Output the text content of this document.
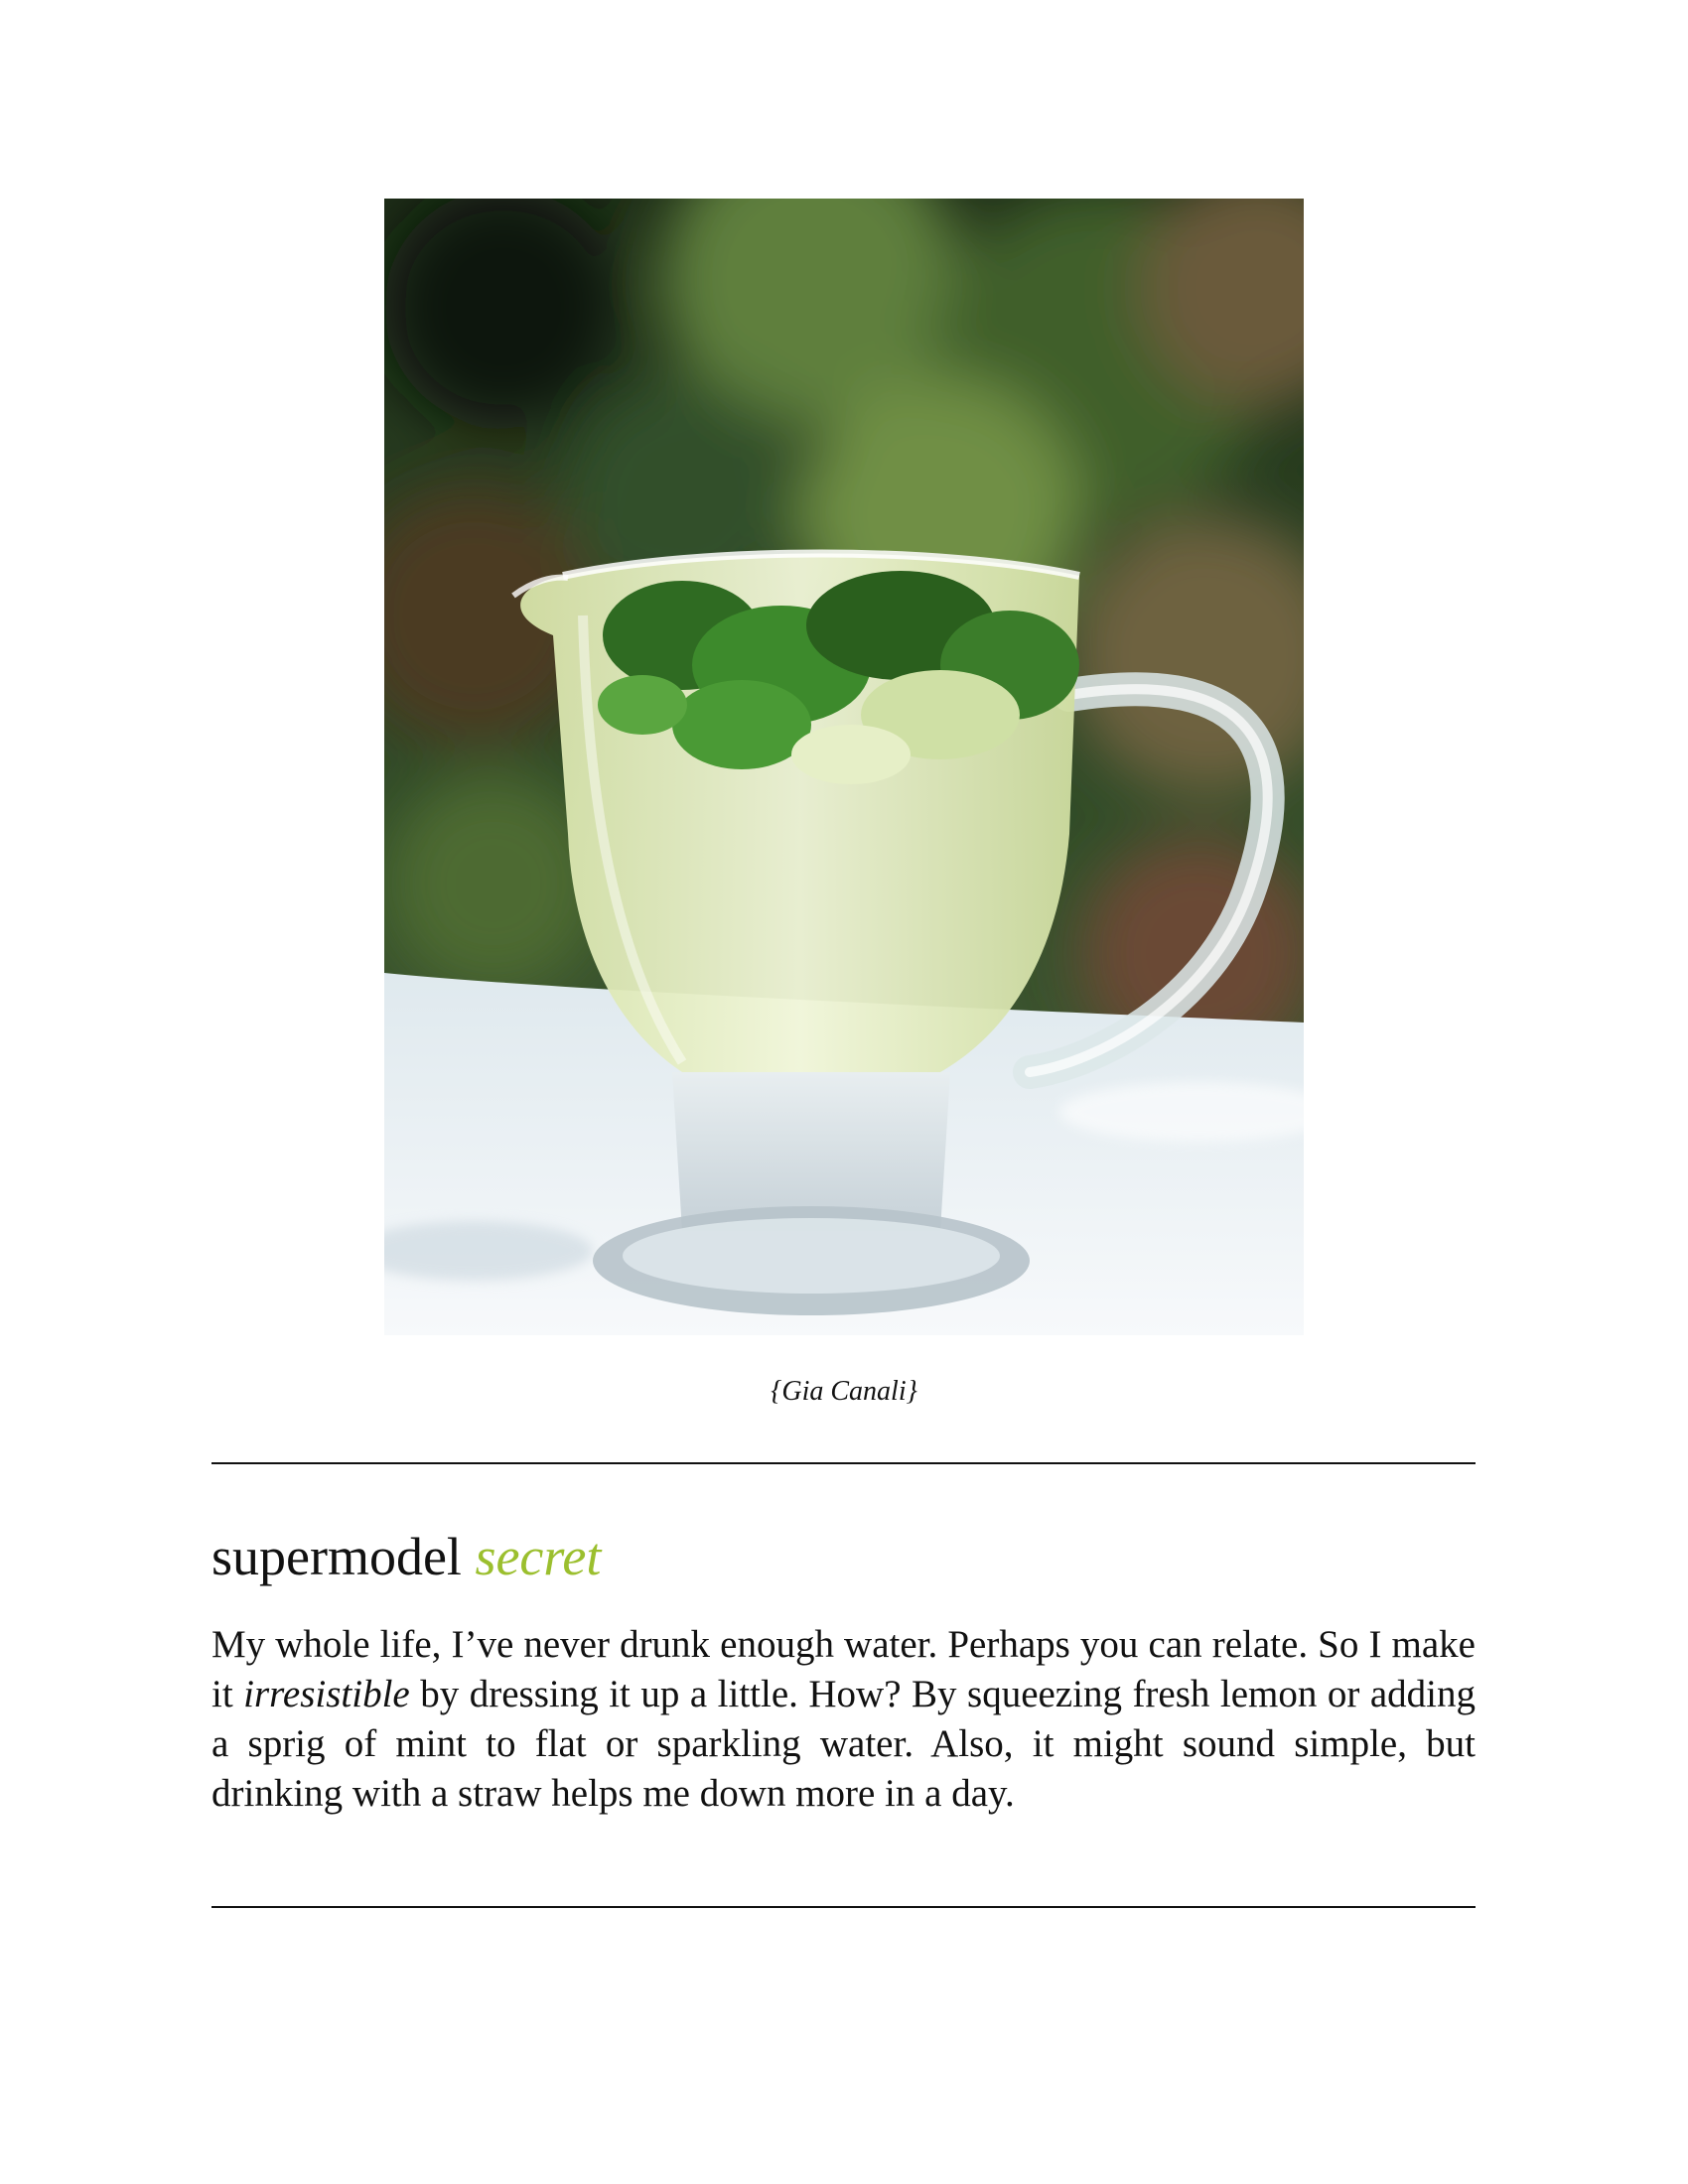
{Gia Canali}
supermodel secret

My whole life, I’ve never drunk enough water. Perhaps you can relate. So I make it irresistible by dressing it up a little. How? By squeezing fresh lemon or adding a sprig of mint to flat or sparkling water. Also, it might sound simple, but drinking with a straw helps me down more in a day.
